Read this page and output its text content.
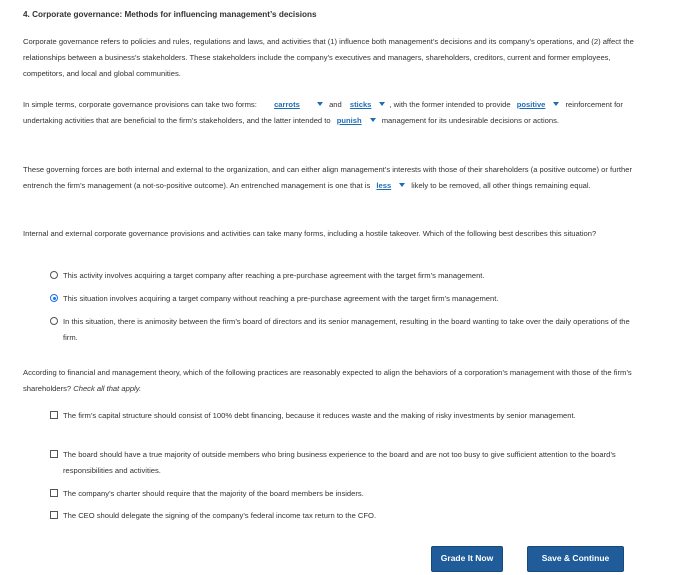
4. Corporate governance: Methods for influencing management’s decisions

Corporate governance refers to policies and rules, regulations and laws, and activities that (1) influence both management’s decisions and its company’s operations, and (2) affect the relationships between a business’s stakeholders. These stakeholders include the company’s executives and managers, shareholders, creditors, current and former employees, competitors, and local and global communities.

In simple terms, corporate governance provisions can take two forms: carrots	and sticks , with the former intended to provide positive	reinforcement for undertaking activities that are beneficial to the firm’s stakeholders, and the latter intended to punish	management for its undesirable decisions or actions.

These governing forces are both internal and external to the organization, and can either align management’s interests with those of their shareholders (a positive outcome) or further entrench the firm’s management (a not-so-positive outcome). An entrenched management is one that is less	likely to be removed, all other things remaining equal.

Internal and external corporate governance provisions and activities can take many forms, including a hostile takeover. Which of the following best describes this situation?

This activity involves acquiring a target company after reaching a pre-purchase agreement with the target firm’s management.
This situation involves acquiring a target company without reaching a pre-purchase agreement with the target firm’s management.
In this situation, there is animosity between the firm’s board of directors and its senior management, resulting in the board wanting to take over the daily operations of the firm.

According to financial and management theory, which of the following practices are reasonably expected to align the behaviors of a corporation’s management with those of the firm’s shareholders? Check all that apply.

The firm’s capital structure should consist of 100% debt financing, because it reduces waste and the making of risky investments by senior management.
The board should have a true majority of outside members who bring business experience to the board and are not too busy to give sufficient attention to the board’s responsibilities and activities.
The company’s charter should require that the majority of the board members be insiders.
The CEO should delegate the signing of the company’s federal income tax return to the CFO.
Grade It Now	Save & Continue
